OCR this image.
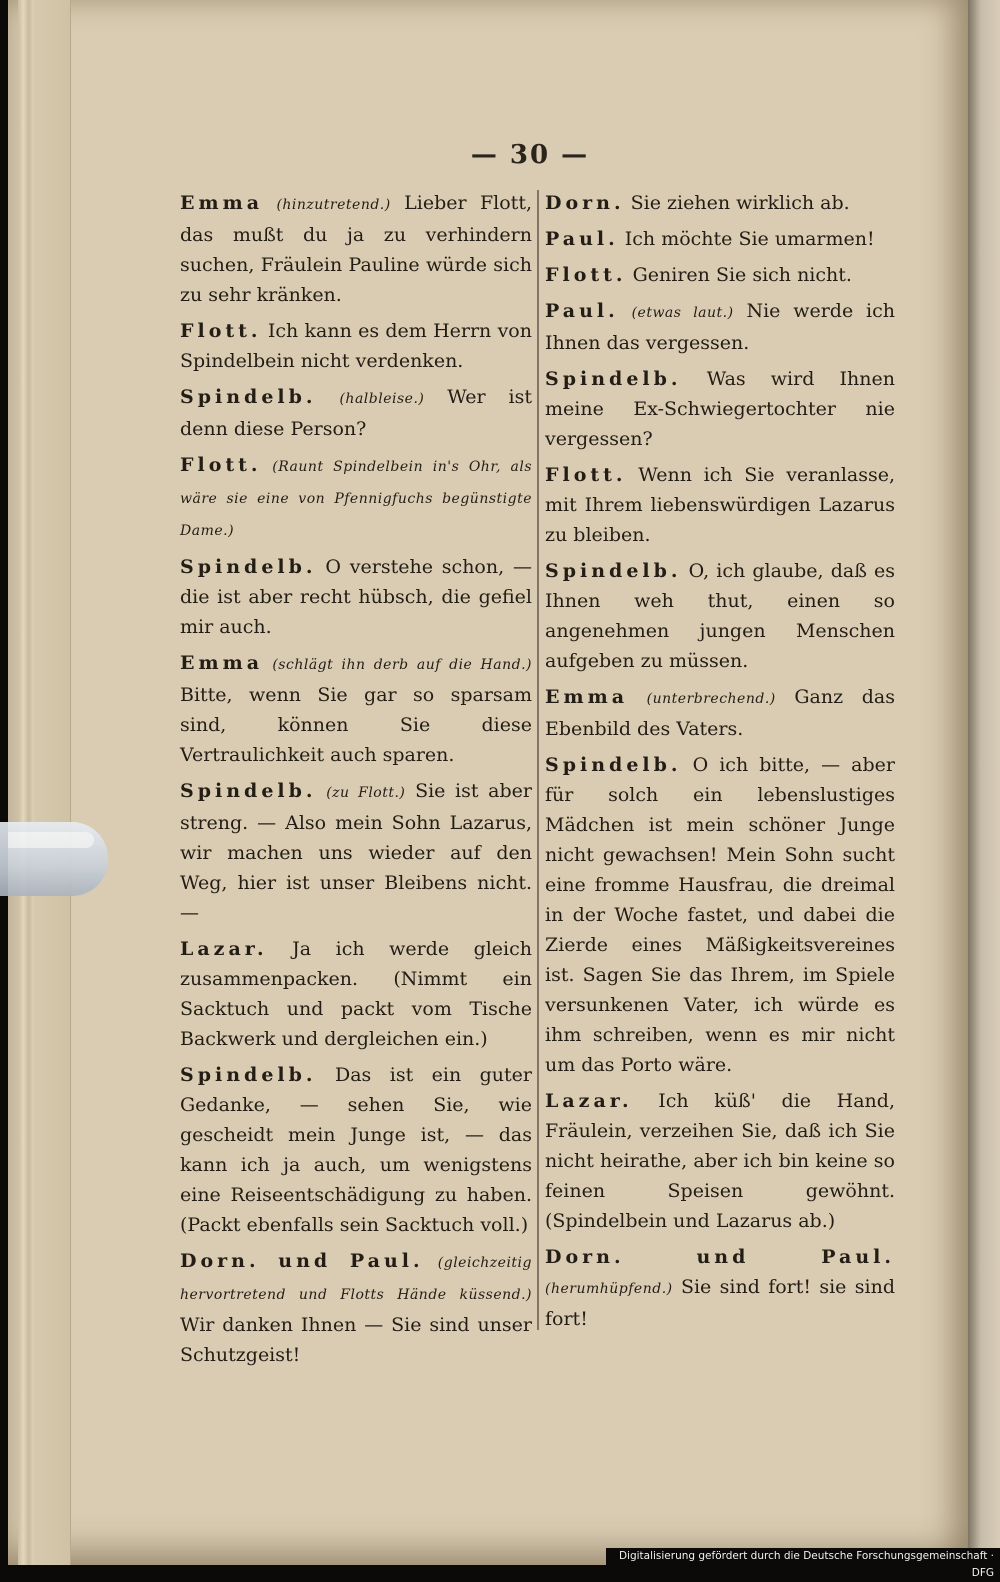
— 30 —

Emma (hinzutretend.) Lieber Flott, das mußt du ja zu verhindern suchen, Fräulein Pauline würde sich zu sehr kränken.

Flott. Ich kann es dem Herrn von Spindelbein nicht verdenken.

Spindelb. (halbleise.) Wer ist denn diese Person?

Flott. (Raunt Spindelbein in's Ohr, als wäre sie eine von Pfennigfuchs begünstigte Dame.)

Spindelb. O verstehe schon, — die ist aber recht hübsch, die gefiel mir auch.

Emma (schlägt ihn derb auf die Hand.) Bitte, wenn Sie gar so sparsam sind, können Sie diese Vertraulichkeit auch sparen.

Spindelb. (zu Flott.) Sie ist aber streng. — Also mein Sohn Lazarus, wir machen uns wieder auf den Weg, hier ist unser Bleibens nicht. —

Lazar. Ja ich werde gleich zusammenpacken. (Nimmt ein Sacktuch und packt vom Tische Backwerk und dergleichen ein.)

Spindelb. Das ist ein guter Gedanke, — sehen Sie, wie gescheidt mein Junge ist, — das kann ich ja auch, um wenigstens eine Reiseentschädigung zu haben. (Packt ebenfalls sein Sacktuch voll.)

Dorn. und Paul. (gleichzeitig hervortretend und Flotts Hände küssend.) Wir danken Ihnen — Sie sind unser Schutzgeist!

Dorn. Sie ziehen wirklich ab.

Paul. Ich möchte Sie umarmen!

Flott. Geniren Sie sich nicht.

Paul. (etwas laut.) Nie werde ich Ihnen das vergessen.

Spindelb. Was wird Ihnen meine Ex-Schwiegertochter nie vergessen?

Flott. Wenn ich Sie veranlasse, mit Ihrem liebenswürdigen Lazarus zu bleiben.

Spindelb. O, ich glaube, daß es Ihnen weh thut, einen so angenehmen jungen Menschen aufgeben zu müssen.

Emma (unterbrechend.) Ganz das Ebenbild des Vaters.

Spindelb. O ich bitte, — aber für solch ein lebenslustiges Mädchen ist mein schöner Junge nicht gewachsen! Mein Sohn sucht eine fromme Hausfrau, die dreimal in der Woche fastet, und dabei die Zierde eines Mäßigkeitsvereines ist. Sagen Sie das Ihrem, im Spiele versunkenen Vater, ich würde es ihm schreiben, wenn es mir nicht um das Porto wäre.

Lazar. Ich küß' die Hand, Fräulein, verzeihen Sie, daß ich Sie nicht heirathe, aber ich bin keine so feinen Speisen gewöhnt. (Spindelbein und Lazarus ab.)

Dorn. und Paul. (herumhüpfend.) Sie sind fort! sie sind fort!

Digitalisierung gefördert durch die Deutsche Forschungsgemeinschaft · DFG
